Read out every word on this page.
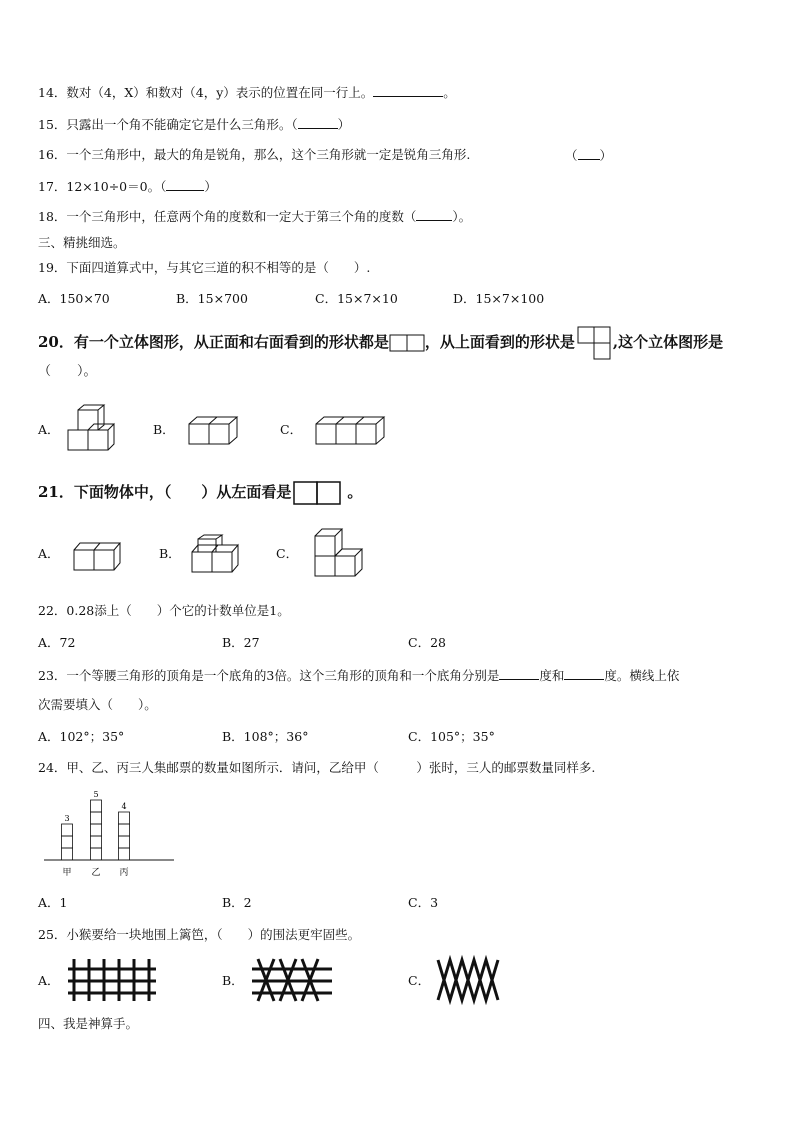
14．数对（4，X）和数对（4，y）表示的位置在同一行上。	。
15．只露出一个角不能确定它是什么三角形。（	）
16．一个三角形中，最大的角是锐角，那么，这个三角形就一定是锐角三角形.	（ ）
17．12×10÷0＝0。（	）
18．一个三角形中，任意两个角的度数和一定大于第三个角的度数（	）。
三、精挑细选。
19．下面四道算式中，与其它三道的积不相等的是（　　）.
A．150×70	B．15×700	C．15×7×10	D．15×7×100
20．有一个立体图形，从正面和右面看到的形状都是 ，从上面看到的形状是	,这个立体图形是
（　　）。
A．	B．	C．
21．下面物体中，（　　）从左面看是	。
A．	B．	C．
22．0.28添上（　　）个它的计数单位是1。
A．72	B．27	C．28
23．一个等腰三角形的顶角是一个底角的3倍。这个三角形的顶角和一个底角分别是	度和	度。横线上依
次需要填入（　　）。
A．102°；35°	B．108°；36°	C．105°；35°
24．甲、乙、丙三人集邮票的数量如图所示．请问，乙给甲（　　　）张时，三人的邮票数量同样多.
3
5
4
甲 乙 丙
A．1	B．2	C．3
25．小猴要给一块地围上篱笆，（　　）的围法更牢固些。
A．	B．	C．
四、我是神算手。
